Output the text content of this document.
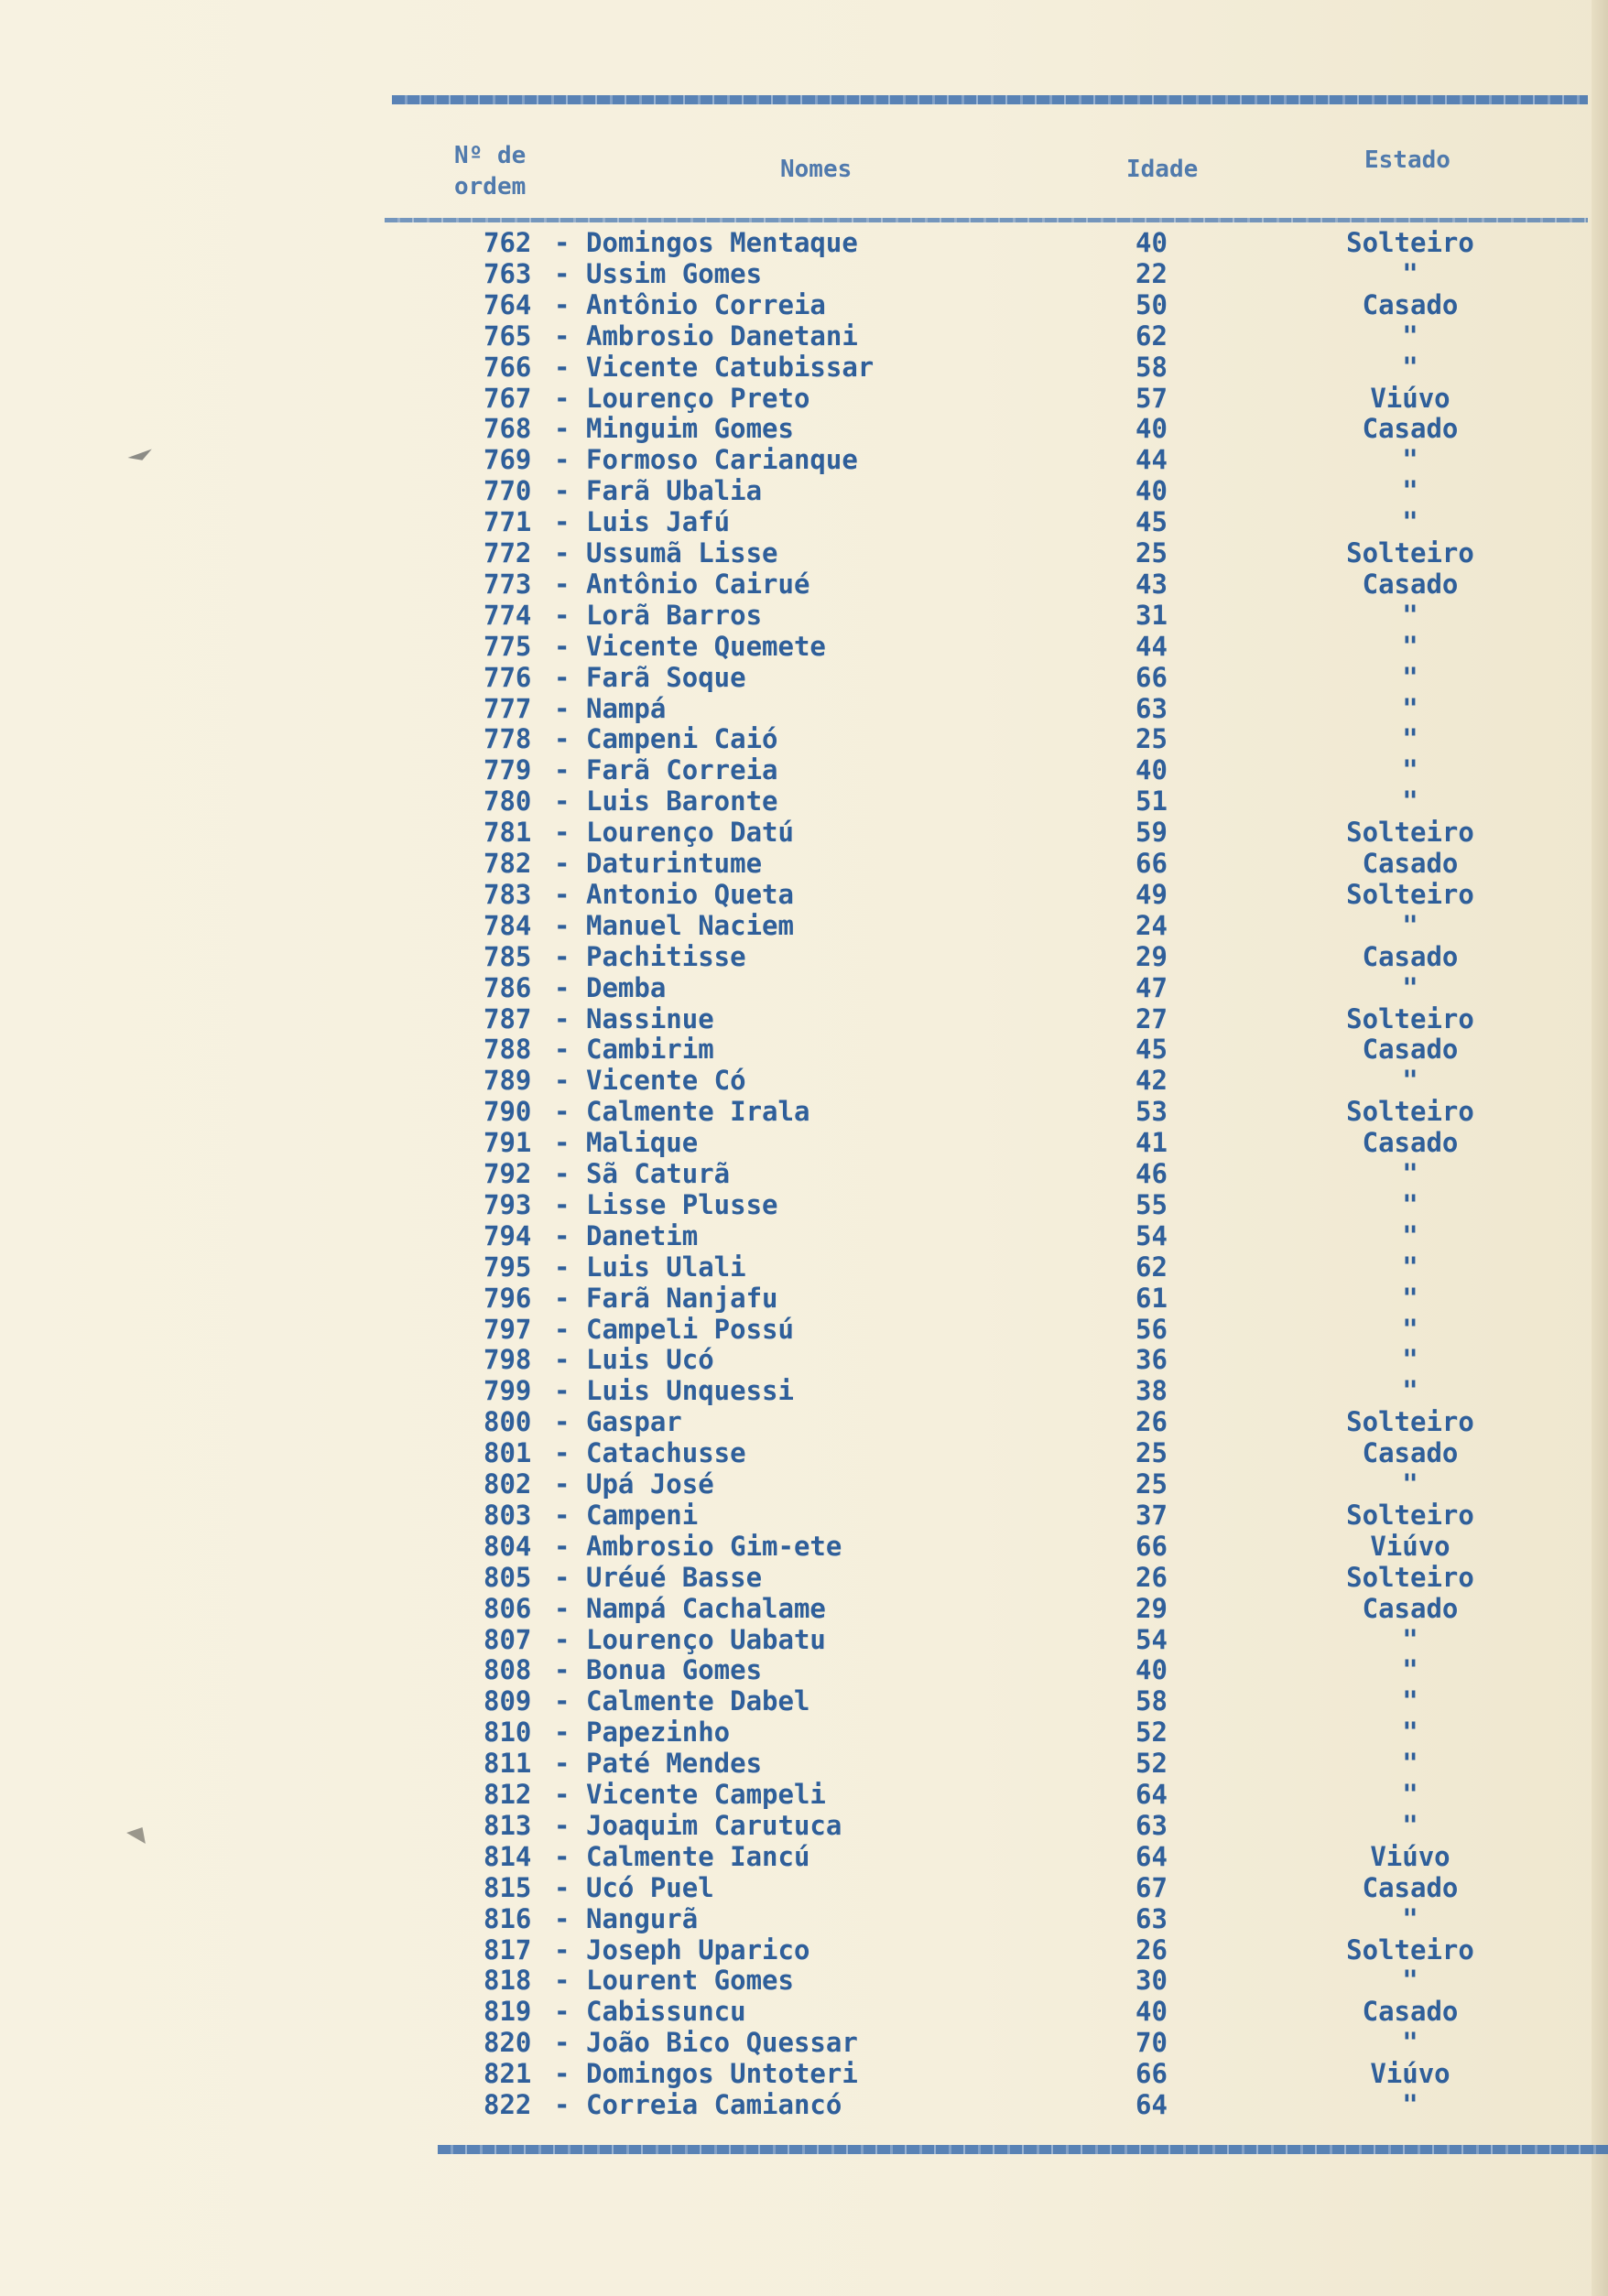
Nº de
ordem
Nomes	Idade	Estado
762 - Domingos Mentaque	40	Solteiro
763 - Ussim Gomes	22	"
764 - Antônio Correia	50	Casado
765 - Ambrosio Danetani	62	"
766 - Vicente Catubissar	58	"
767 - Lourenço Preto	57	Viúvo
768 - Minguim Gomes	40	Casado
769 - Formoso Carianque	44	"
770 - Farã Ubalia	40	"
771 - Luis Jafú	45	"
772 - Ussumã Lisse	25	Solteiro
773 - Antônio Cairué	43	Casado
774 - Lorã Barros	31	"
775 - Vicente Quemete	44	"
776 - Farã Soque	66	"
777 - Nampá	63	"
778 - Campeni Caió	25	"
779 - Farã Correia	40	"
780 - Luis Baronte	51	"
781 - Lourenço Datú	59	Solteiro
782 - Daturintume	66	Casado
783 - Antonio Queta	49	Solteiro
784 - Manuel Naciem	24	"
785 - Pachitisse	29	Casado
786 - Demba	47	"
787 - Nassinue	27	Solteiro
788 - Cambirim	45	Casado
789 - Vicente Có	42	"
790 - Calmente Irala	53	Solteiro
791 - Malique	41	Casado
792 - Sã Caturã	46	"
793 - Lisse Plusse	55	"
794 - Danetim	54	"
795 - Luis Ulali	62	"
796 - Farã Nanjafu	61	"
797 - Campeli Possú	56	"
798 - Luis Ucó	36	"
799 - Luis Unquessi	38	"
800 - Gaspar	26	Solteiro
801 - Catachusse	25	Casado
802 - Upá José	25	"
803 - Campeni	37	Solteiro
804 - Ambrosio Gim-ete	66	Viúvo
805 - Uréué Basse	26	Solteiro
806 - Nampá Cachalame	29	Casado
807 - Lourenço Uabatu	54	"
808 - Bonua Gomes	40	"
809 - Calmente Dabel	58	"
810 - Papezinho	52	"
811 - Paté Mendes	52	"
812 - Vicente Campeli	64	"
813 - Joaquim Carutuca	63	"
814 - Calmente Iancú	64	Viúvo
815 - Ucó Puel	67	Casado
816 - Nangurã	63	"
817 - Joseph Uparico	26	Solteiro
818 - Lourent Gomes	30	"
819 - Cabissuncu	40	Casado
820 - João Bico Quessar	70	"
821 - Domingos Untoteri	66	Viúvo
822 - Correia Camiancó	64	"
